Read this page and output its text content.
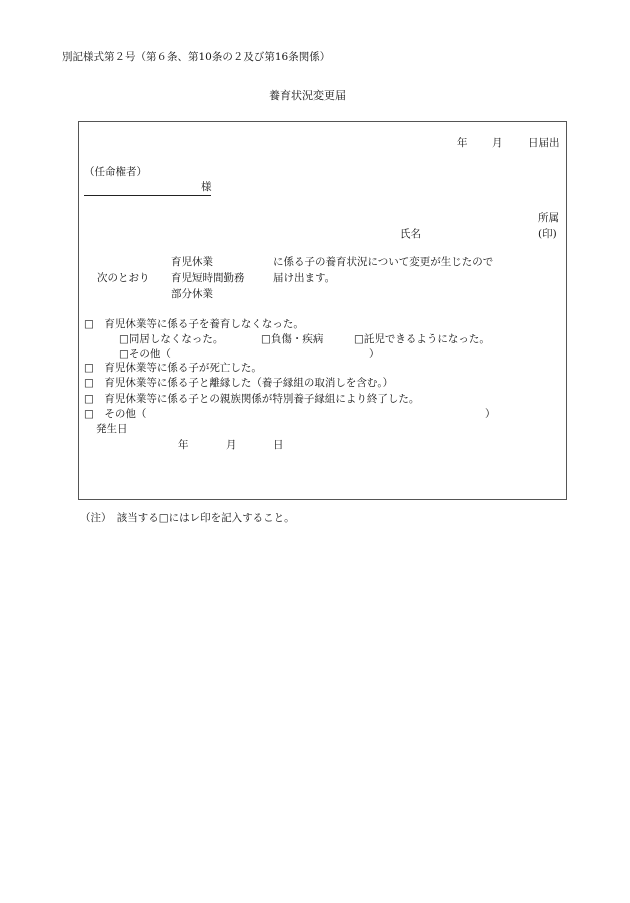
別記様式第２号（第６条、第10条の２及び第16条関係）
養育状況変更届
年 月 日届出
（任命権者）
様
所属
氏名	(印)
次のとおり
育児休業
育児短時間勤務
部分休業
に係る子の養育状況について変更が生じたので
届け出ます。
□　育児休業等に係る子を養育しなくなった。
□同居しなくなった。	□負傷・疾病	□託児できるようになった。
□その他（	）
□　育児休業等に係る子が死亡した。
□　育児休業等に係る子と離縁した（養子縁組の取消しを含む。）
□　育児休業等に係る子との親族関係が特別養子縁組により終了した。
□　その他（	）
発生日
年	月	日
（注）　該当する□にはレ印を記入すること。
